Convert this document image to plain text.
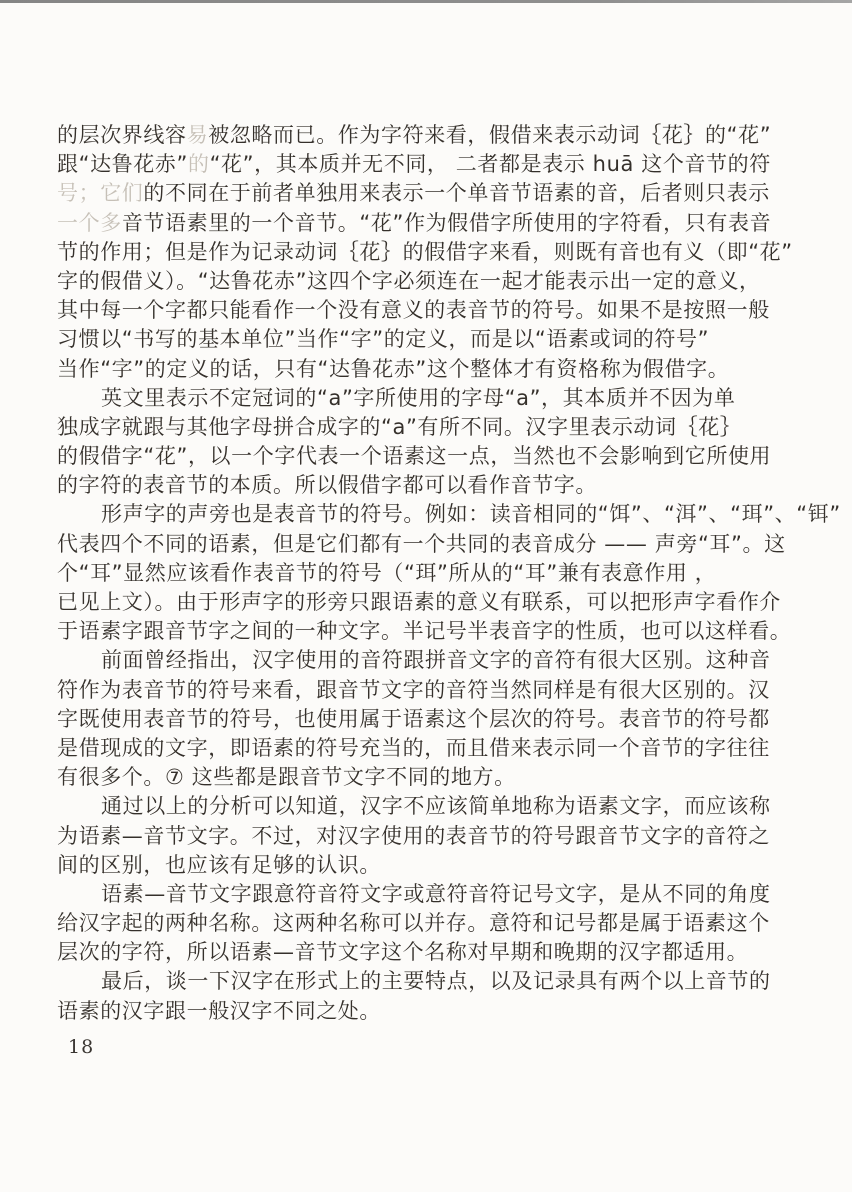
的层次界线容易被忽略而已。作为字符来看，假借来表示动词｛花｝的“花”
跟“达鲁花赤”的“花”，其本质并无不同， 二者都是表示 huā 这个音节的符
号；它们的不同在于前者单独用来表示一个单音节语素的音，后者则只表示
一个多音节语素里的一个音节。“花”作为假借字所使用的字符看，只有表音
节的作用；但是作为记录动词｛花｝的假借字来看，则既有音也有义（即“花”
字的假借义）。“达鲁花赤”这四个字必须连在一起才能表示出一定的意义，
其中每一个字都只能看作一个没有意义的表音节的符号。如果不是按照一般
习惯以“书写的基本单位”当作“字”的定义，而是以“语素或词的符号”
当作“字”的定义的话，只有“达鲁花赤”这个整体才有资格称为假借字。
英文里表示不定冠词的“a”字所使用的字母“a”，其本质并不因为单
独成字就跟与其他字母拼合成字的“a”有所不同。汉字里表示动词｛花｝
的假借字“花”，以一个字代表一个语素这一点，当然也不会影响到它所使用
的字符的表音节的本质。所以假借字都可以看作音节字。
形声字的声旁也是表音节的符号。例如：读音相同的“饵”、“洱”、“珥”、“铒”
代表四个不同的语素，但是它们都有一个共同的表音成分 —— 声旁“耳”。这
个“耳”显然应该看作表音节的符号（“珥”所从的“耳”兼有表意作用 ，
已见上文）。由于形声字的形旁只跟语素的意义有联系，可以把形声字看作介
于语素字跟音节字之间的一种文字。半记号半表音字的性质，也可以这样看。
前面曾经指出，汉字使用的音符跟拼音文字的音符有很大区别。这种音
符作为表音节的符号来看，跟音节文字的音符当然同样是有很大区别的。汉
字既使用表音节的符号，也使用属于语素这个层次的符号。表音节的符号都
是借现成的文字，即语素的符号充当的，而且借来表示同一个音节的字往往
有很多个。⑦ 这些都是跟音节文字不同的地方。
通过以上的分析可以知道，汉字不应该简单地称为语素文字，而应该称
为语素—音节文字。不过，对汉字使用的表音节的符号跟音节文字的音符之
间的区别，也应该有足够的认识。
语素—音节文字跟意符音符文字或意符音符记号文字，是从不同的角度
给汉字起的两种名称。这两种名称可以并存。意符和记号都是属于语素这个
层次的字符，所以语素—音节文字这个名称对早期和晚期的汉字都适用。
最后，谈一下汉字在形式上的主要特点，以及记录具有两个以上音节的
语素的汉字跟一般汉字不同之处。
18
